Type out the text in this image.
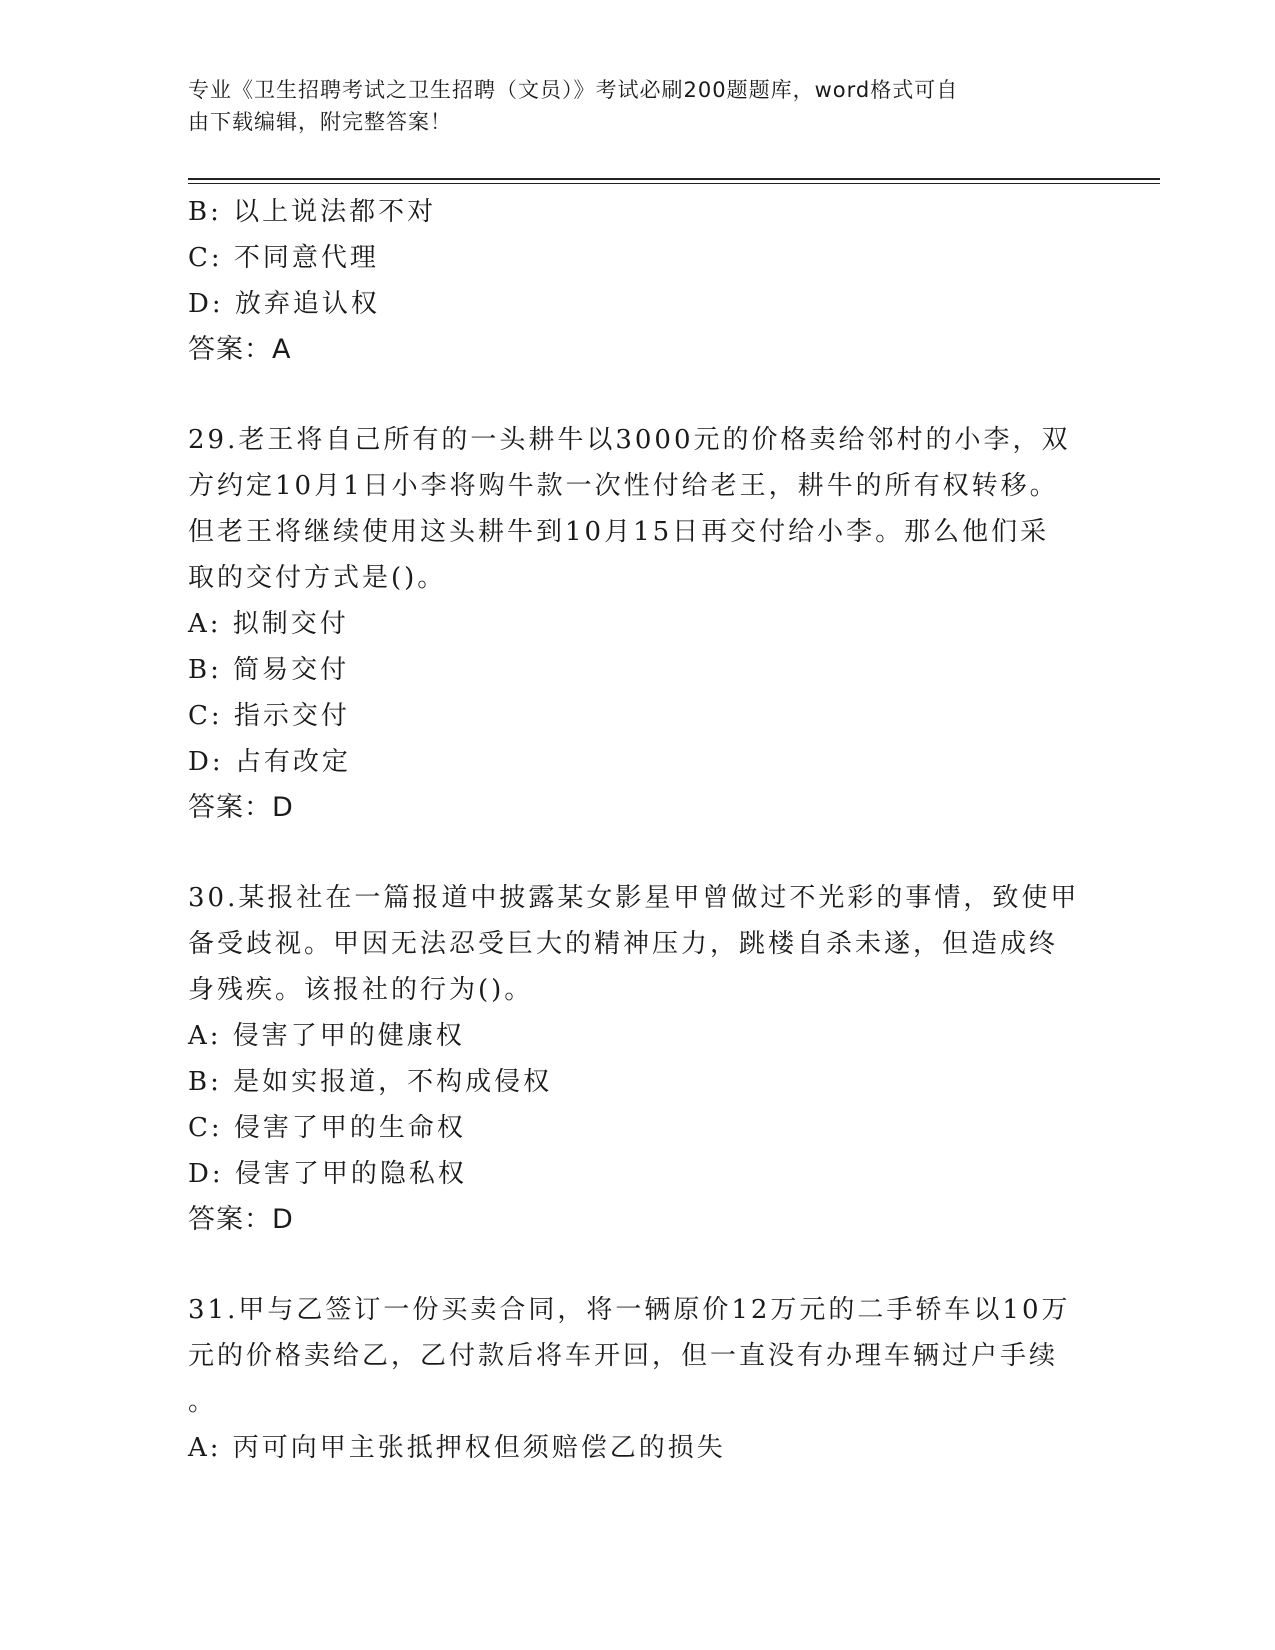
专业《卫生招聘考试之卫生招聘（文员）》考试必刷200题题库，word格式可自
由下载编辑，附完整答案！
B: 以上说法都不对
C: 不同意代理
D: 放弃追认权
答案：A
29.老王将自己所有的一头耕牛以3000元的价格卖给邻村的小李，双
方约定10月1日小李将购牛款一次性付给老王，耕牛的所有权转移。
但老王将继续使用这头耕牛到10月15日再交付给小李。那么他们采
取的交付方式是()。
A: 拟制交付
B: 简易交付
C: 指示交付
D: 占有改定
答案：D
30.某报社在一篇报道中披露某女影星甲曾做过不光彩的事情，致使甲
备受歧视。甲因无法忍受巨大的精神压力，跳楼自杀未遂，但造成终
身残疾。该报社的行为()。
A: 侵害了甲的健康权
B: 是如实报道，不构成侵权
C: 侵害了甲的生命权
D: 侵害了甲的隐私权
答案：D
31.甲与乙签订一份买卖合同，将一辆原价12万元的二手轿车以10万
元的价格卖给乙，乙付款后将车开回，但一直没有办理车辆过户手续
。
A: 丙可向甲主张抵押权但须赔偿乙的损失
